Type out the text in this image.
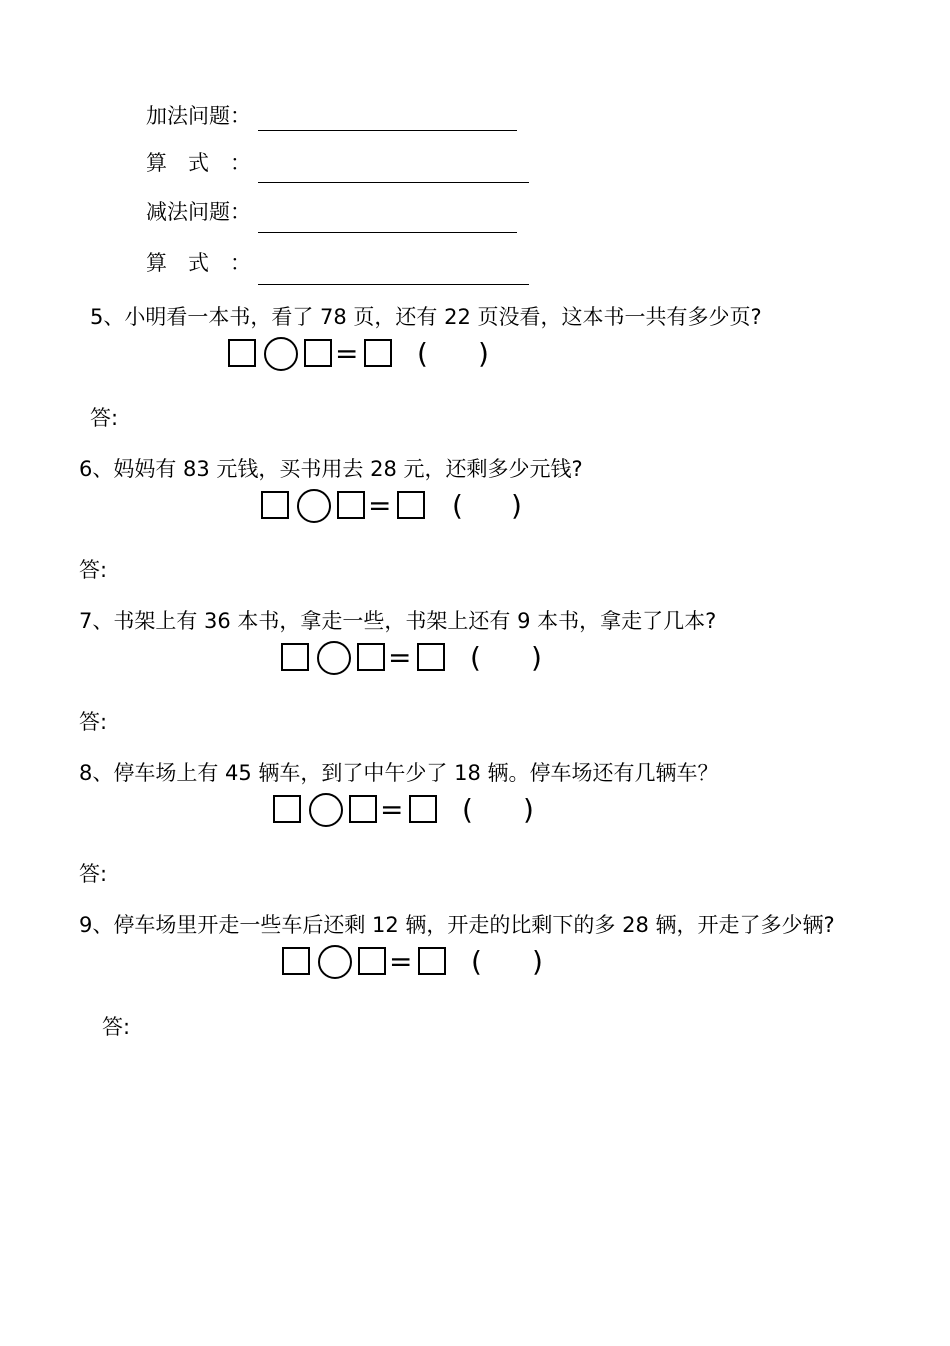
加法问题：
算　式　：
减法问题：
算　式　：
5、小明看一本书，看了 78 页，还有 22 页没看，这本书一共有多少页?
= ( )
答:
6、妈妈有 83 元钱，买书用去 28 元，还剩多少元钱?
= ( )
答:
7、书架上有 36 本书，拿走一些，书架上还有 9 本书，拿走了几本?
= ( )
答:
8、停车场上有 45 辆车，到了中午少了 18 辆。停车场还有几辆车？
= ( )
答:
9、停车场里开走一些车后还剩 12 辆，开走的比剩下的多 28 辆，开走了多少辆?
= ( )
答:
